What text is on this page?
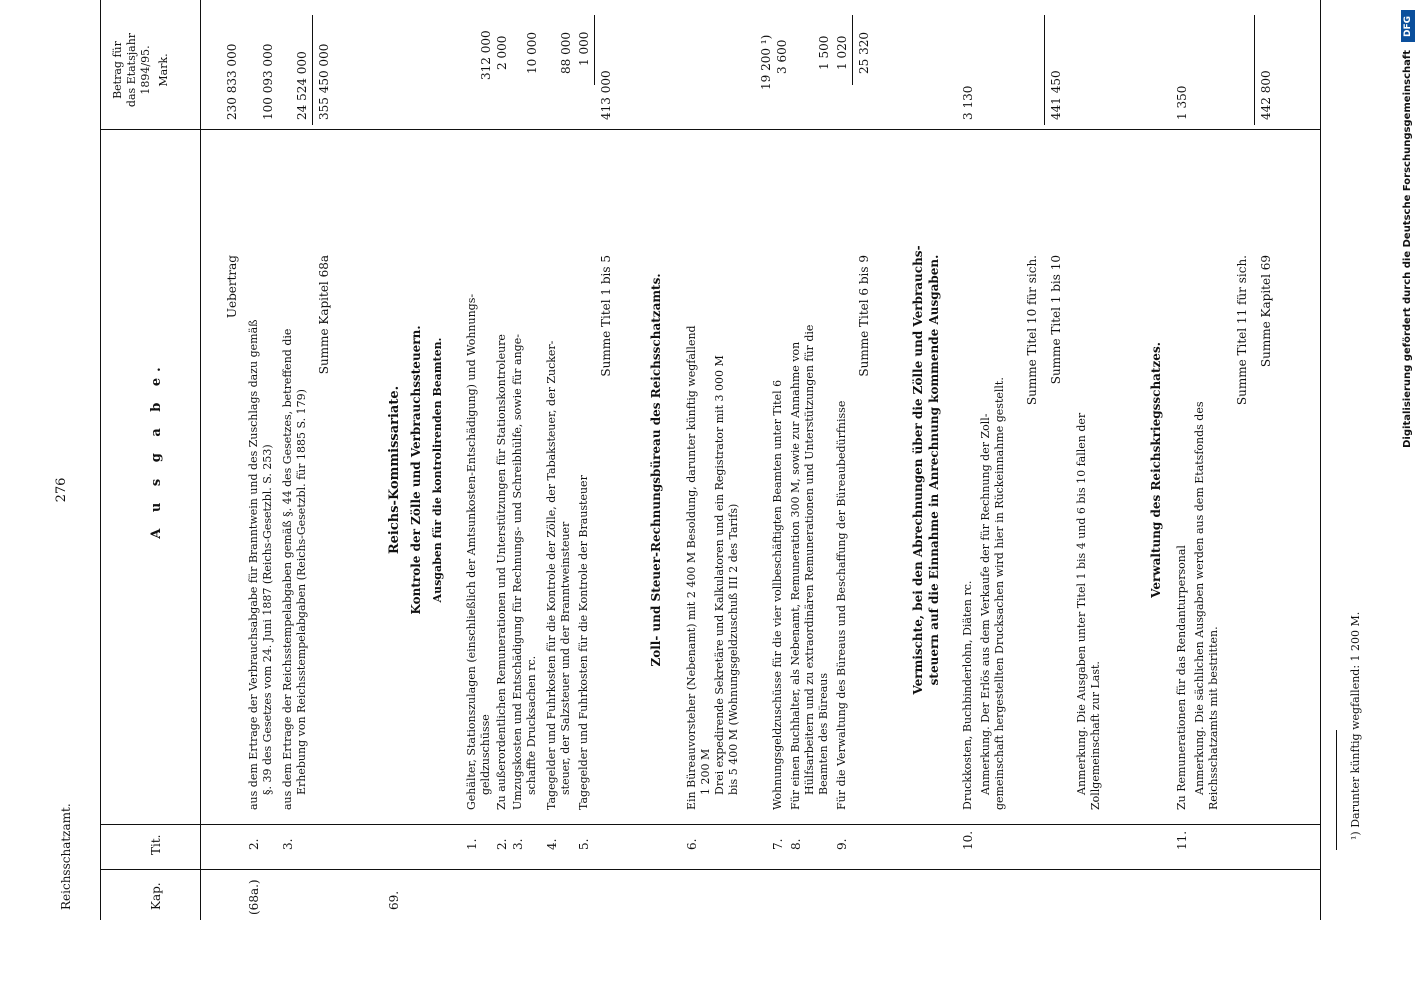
Reichsschatzamt.
276
Kap.
Tit.
A u s g a b e.
Betrag für das Etatsjahr 1894/95. Mark.
Uebertrag
230 833 000
(68a.)
2.
aus dem Ertrage der Verbrauchsabgabe für Branntwein und des Zuschlags dazu gemäß §. 39 des Gesetzes vom 24. Juni 1887 (Reichs-Gesetzbl. S. 253)
100 093 000
3.
aus dem Ertrage der Reichsstempelabgaben gemäß §. 44 des Gesetzes, betreffend die Erhebung von Reichsstempelabgaben (Reichs-Gesetzbl. für 1885 S. 179)
24 524 000
Summe Kapitel 68a
355 450 000
69.
Reichs-Kommissariate. Kontrole der Zölle und Verbrauchssteuern. Ausgaben für die kontrolirenden Beamten.
1.
Gehälter, Stationszulagen (einschließlich der Amtsunkosten-Entschädigung) und Wohnungs- geldzuschüsse
312 000
2.
Zu außerordentlichen Remunerationen und Unterstützungen für Stationskontroleure
2 000
3.
Umzugskosten und Entschädigung für Rechnungs- und Schreibhülfe, sowie für ange- schaffte Drucksachen rc.
10 000
4.
Tagegelder und Fuhrkosten für die Kontrole der Zölle, der Tabaksteuer, der Zucker- steuer, der Salzsteuer und der Branntweinsteuer
88 000
5.
Tagegelder und Fuhrkosten für die Kontrole der Brausteuer
1 000
Summe Titel 1 bis 5
413 000
Zoll- und Steuer-Rechnungsbüreau des Reichsschatzamts.
6.
Ein Büreauvorsteher (Nebenamt) mit 2 400 M Besoldung, darunter künftig wegfallend 1 200 M Drei expedirende Sekretäre und Kalkulatoren und ein Registrator mit 3 000 M bis 5 400 M (Wohnungsgeldzuschuß III 2 des Tarifs)
19 200 ¹)
7.
Wohnungsgeldzuschüsse für die vier vollbeschäftigten Beamten unter Titel 6
3 600
8.
Für einen Buchhalter, als Nebenamt, Remuneration 300 M, sowie zur Annahme von Hülfsarbeitern und zu extraordinären Remunerationen und Unterstützungen für die Beamten des Büreaus
1 500
9.
Für die Verwaltung des Büreaus und Beschaffung der Büreaubedürfnisse
1 020
Summe Titel 6 bis 9
25 320
Vermischte, bei den Abrechnungen über die Zölle und Verbrauchs- steuern auf die Einnahme in Anrechnung kommende Ausgaben.
10.
Druckkosten, Buchbinderlohn, Diäten rc.
3 130
Anmerkung. Der Erlös aus dem Verkaufe der für Rechnung der Zoll- gemeinschaft hergestellten Drucksachen wird hier in Rückeinnahme gestellt.
Summe Titel 10 für sich. Summe Titel 1 bis 10
441 450
Anmerkung. Die Ausgaben unter Titel 1 bis 4 und 6 bis 10 fallen der Zollgemeinschaft zur Last.
Verwaltung des Reichskriegsschatzes.
11.
Zu Remunerationen für das Rendanturpersonal
1 350
Anmerkung. Die sächlichen Ausgaben werden aus dem Etatsfonds des Reichsschatzamts mit bestritten.
Summe Titel 11 für sich. Summe Kapitel 69
442 800
¹) Darunter künftig wegfallend: 1 200 M.
DFG
Digitalisierung gefördert durch die Deutsche Forschungsgemeinschaft
